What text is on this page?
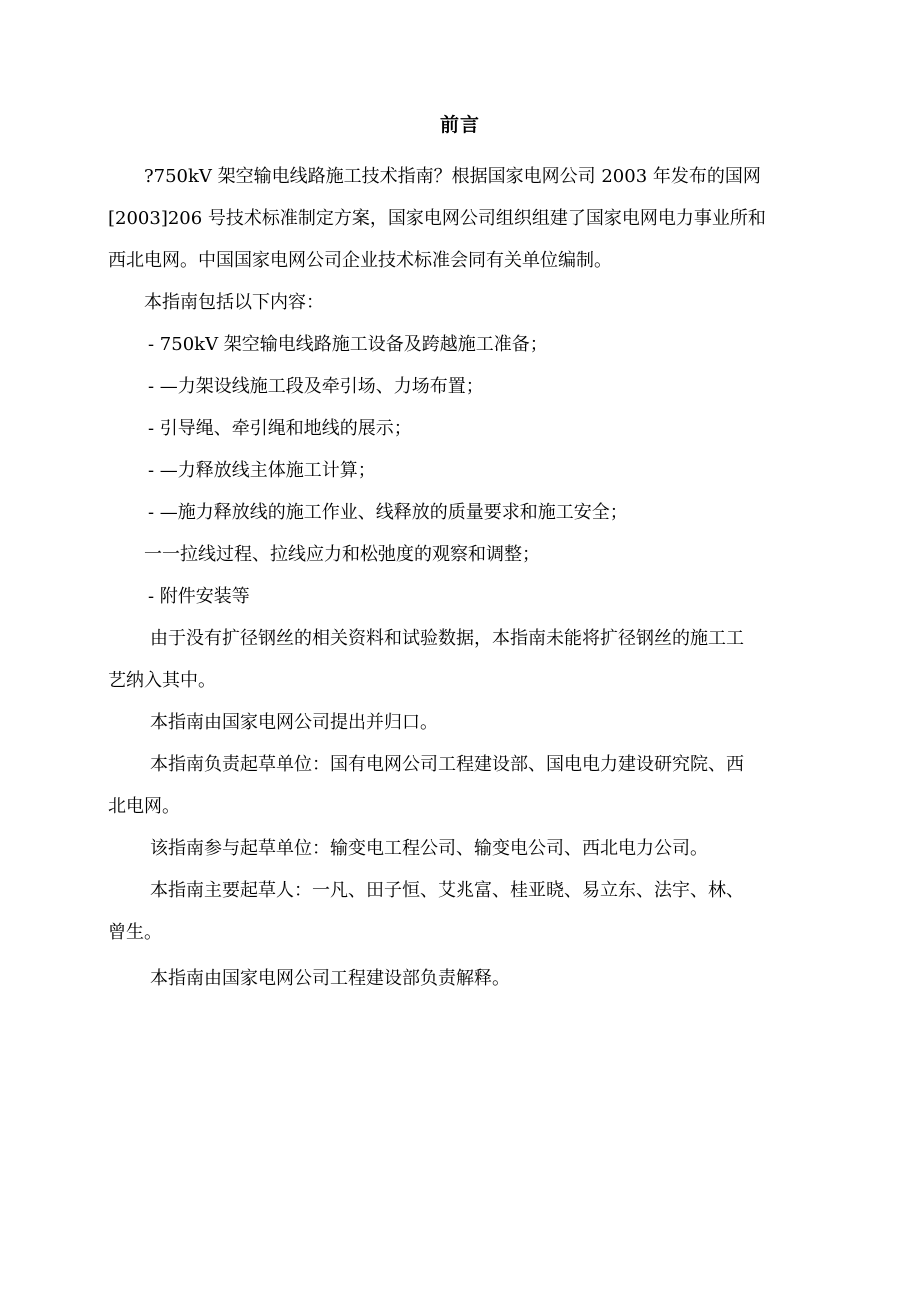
前言
?750kV 架空输电线路施工技术指南？根据国家电网公司 2003 年发布的国网
[2003]206 号技术标准制定方案，国家电网公司组织组建了国家电网电力事业所和
西北电网。中国国家电网公司企业技术标准会同有关单位编制。
本指南包括以下内容：
- 750kV 架空输电线路施工设备及跨越施工准备；
- —力架设线施工段及牵引场、力场布置；
- 引导绳、牵引绳和地线的展示；
- —力释放线主体施工计算；
- —施力释放线的施工作业、线释放的质量要求和施工安全；
一一拉线过程、拉线应力和松弛度的观察和调整；
- 附件安装等
由于没有扩径钢丝的相关资料和试验数据，本指南未能将扩径钢丝的施工工
艺纳入其中。
本指南由国家电网公司提出并归口。
本指南负责起草单位：国有电网公司工程建设部、国电电力建设研究院、西
北电网。
该指南参与起草单位：输变电工程公司、输变电公司、西北电力公司。
本指南主要起草人：一凡、田子恒、艾兆富、桂亚晓、易立东、法宇、林、
曾生。
本指南由国家电网公司工程建设部负责解释。
